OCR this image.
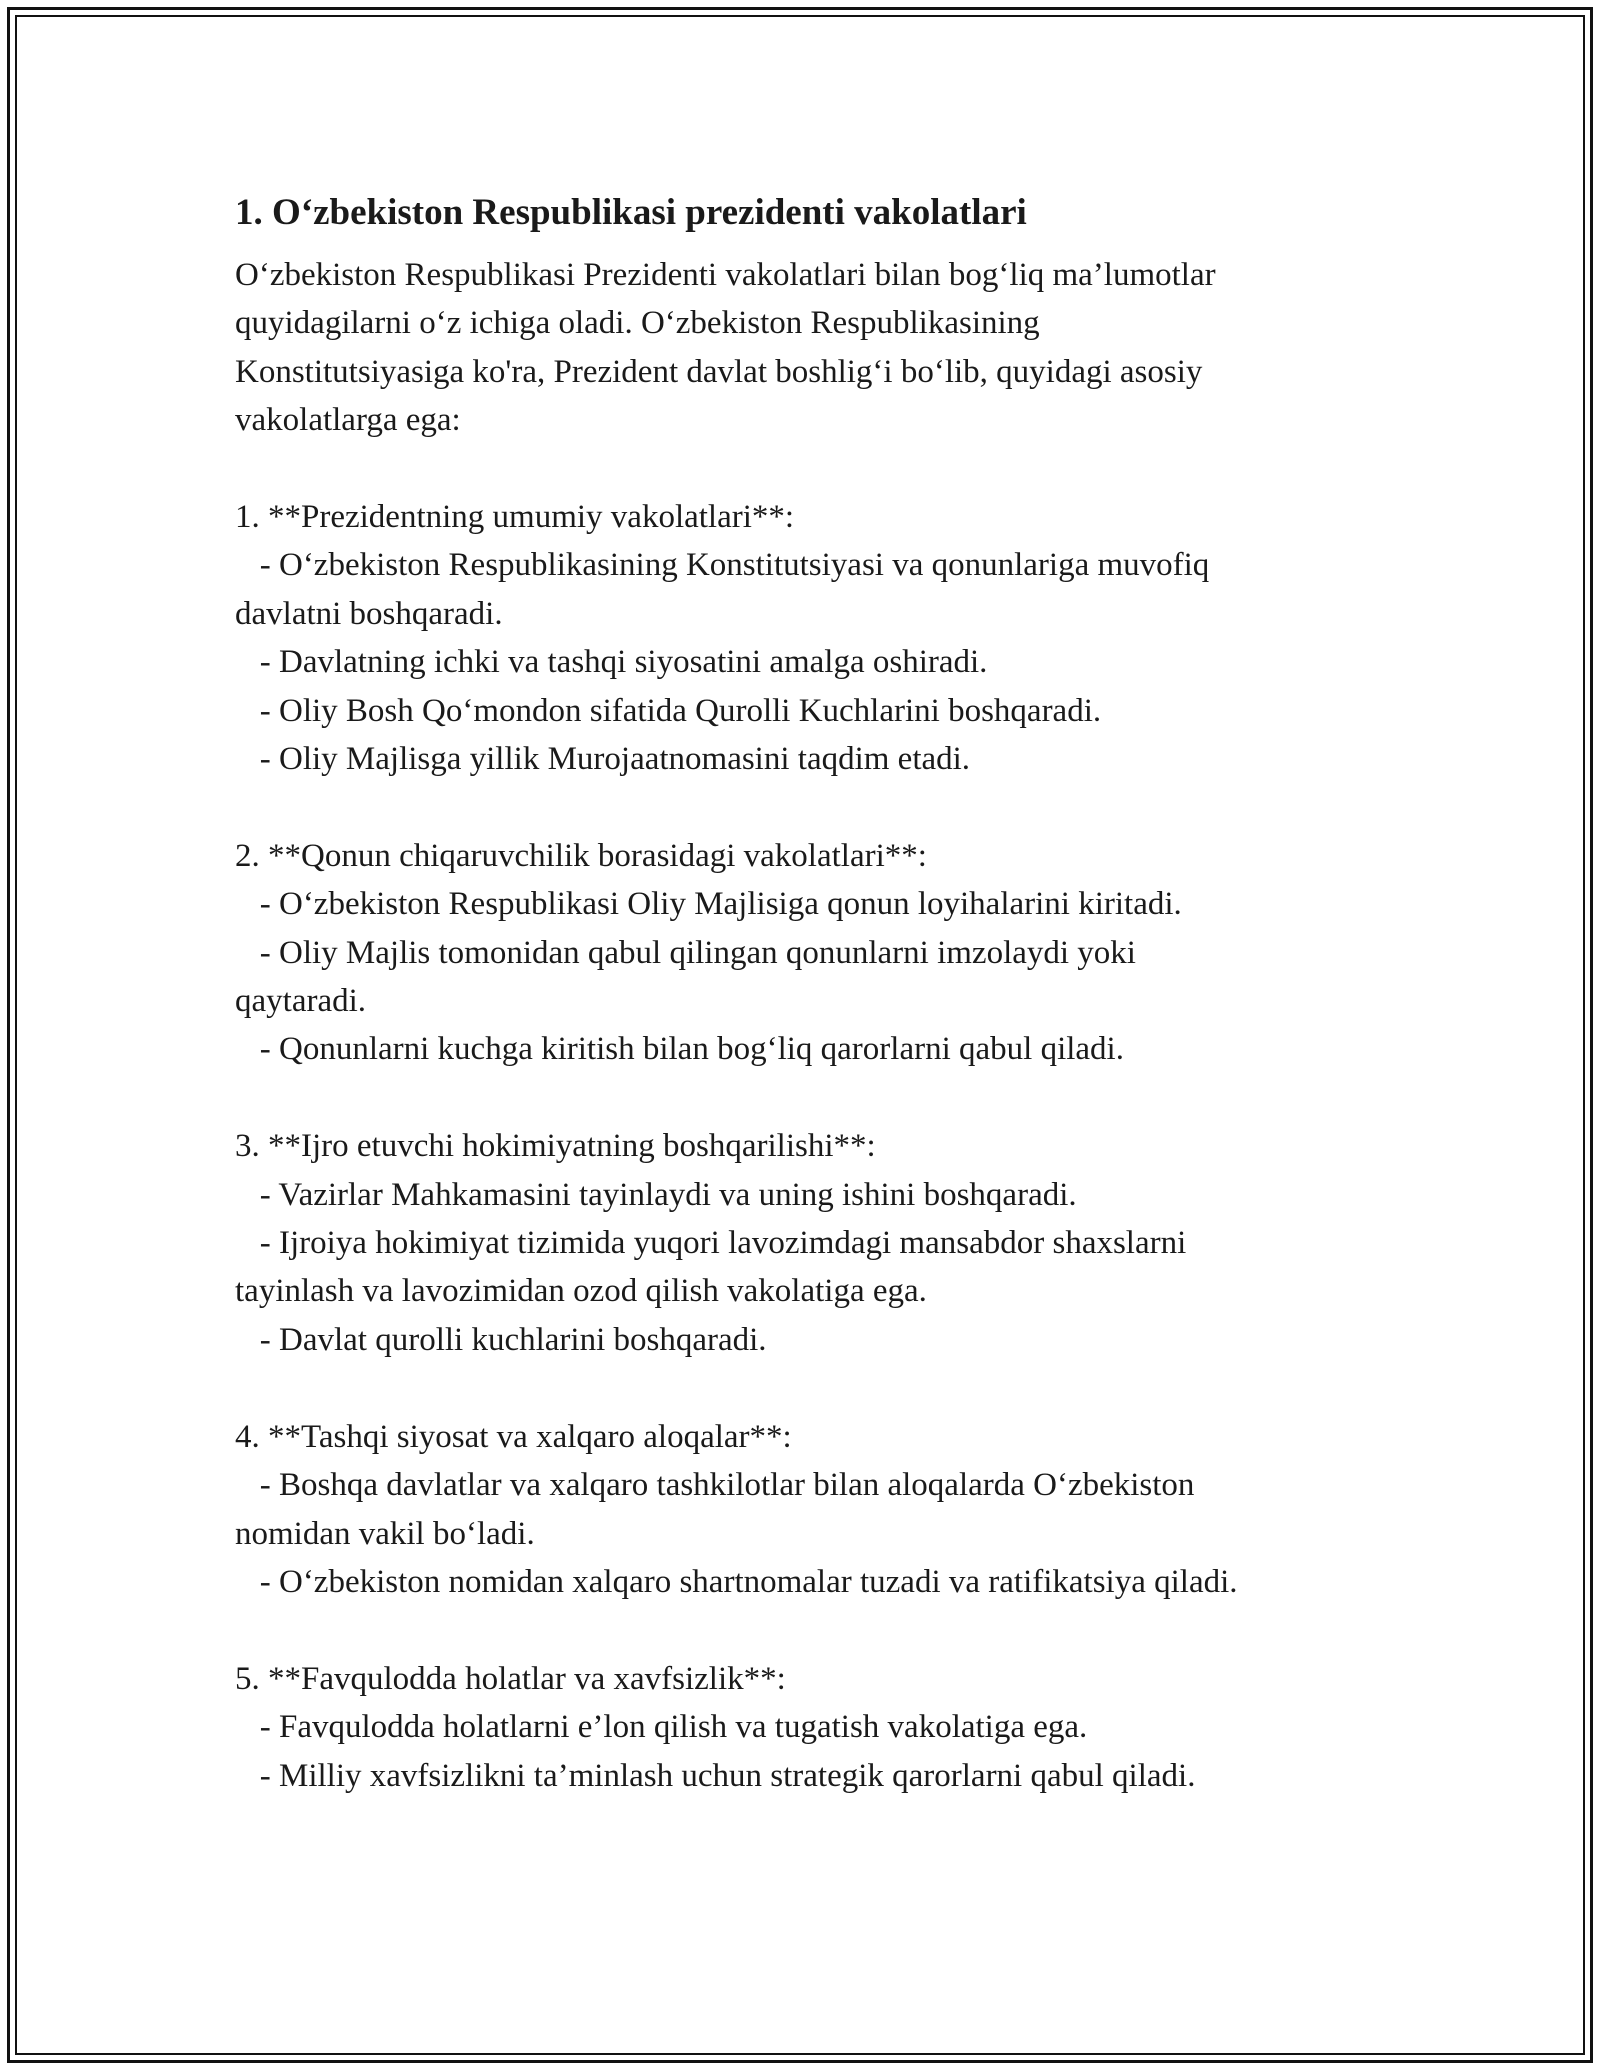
1. O‘zbekiston Respublikasi prezidenti vakolatlari

O‘zbekiston Respublikasi Prezidenti vakolatlari bilan bog‘liq ma’lumotlar

quyidagilarni o‘z ichiga oladi. O‘zbekiston Respublikasining

Konstitutsiyasiga ko'ra, Prezident davlat boshlig‘i bo‘lib, quyidagi asosiy

vakolatlarga ega:

1. **Prezidentning umumiy vakolatlari**:

- O‘zbekiston Respublikasining Konstitutsiyasi va qonunlariga muvofiq

davlatni boshqaradi.

- Davlatning ichki va tashqi siyosatini amalga oshiradi.

- Oliy Bosh Qo‘mondon sifatida Qurolli Kuchlarini boshqaradi.

- Oliy Majlisga yillik Murojaatnomasini taqdim etadi.

2. **Qonun chiqaruvchilik borasidagi vakolatlari**:

- O‘zbekiston Respublikasi Oliy Majlisiga qonun loyihalarini kiritadi.

- Oliy Majlis tomonidan qabul qilingan qonunlarni imzolaydi yoki

qaytaradi.

- Qonunlarni kuchga kiritish bilan bog‘liq qarorlarni qabul qiladi.

3. **Ijro etuvchi hokimiyatning boshqarilishi**:

- Vazirlar Mahkamasini tayinlaydi va uning ishini boshqaradi.

- Ijroiya hokimiyat tizimida yuqori lavozimdagi mansabdor shaxslarni

tayinlash va lavozimidan ozod qilish vakolatiga ega.

- Davlat qurolli kuchlarini boshqaradi.

4. **Tashqi siyosat va xalqaro aloqalar**:

- Boshqa davlatlar va xalqaro tashkilotlar bilan aloqalarda O‘zbekiston

nomidan vakil bo‘ladi.

- O‘zbekiston nomidan xalqaro shartnomalar tuzadi va ratifikatsiya qiladi.

5. **Favqulodda holatlar va xavfsizlik**:

- Favqulodda holatlarni e’lon qilish va tugatish vakolatiga ega.

- Milliy xavfsizlikni ta’minlash uchun strategik qarorlarni qabul qiladi.
